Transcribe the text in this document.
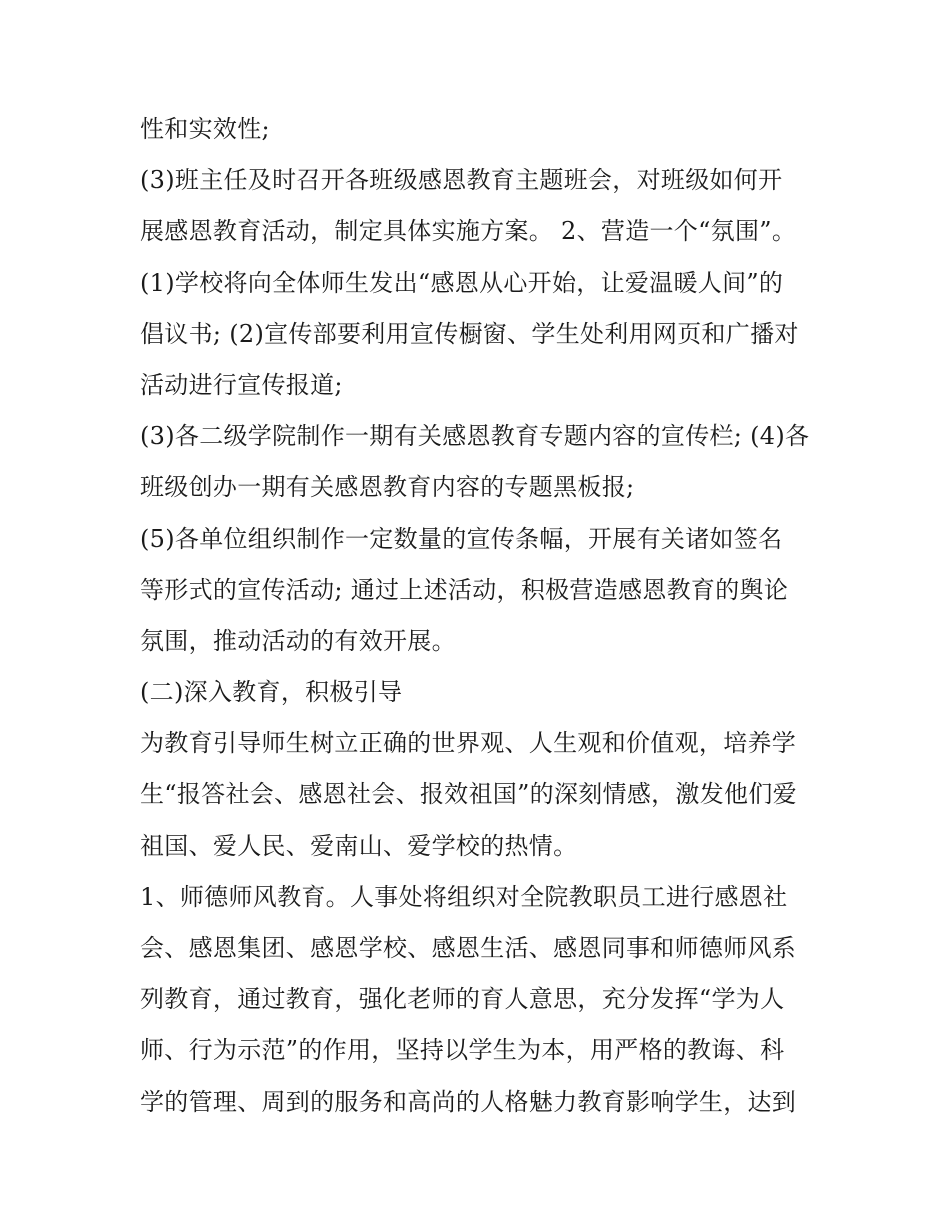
性和实效性;
(3)班主任及时召开各班级感恩教育主题班会，对班级如何开
展感恩教育活动，制定具体实施方案。 2、营造一个“氛围”。
(1)学校将向全体师生发出“感恩从心开始，让爱温暖人间”的
倡议书; (2)宣传部要利用宣传橱窗、学生处利用网页和广播对
活动进行宣传报道;
(3)各二级学院制作一期有关感恩教育专题内容的宣传栏; (4)各
班级创办一期有关感恩教育内容的专题黑板报;
(5)各单位组织制作一定数量的宣传条幅，开展有关诸如签名
等形式的宣传活动; 通过上述活动，积极营造感恩教育的舆论
氛围，推动活动的有效开展。
(二)深入教育，积极引导
为教育引导师生树立正确的世界观、人生观和价值观，培养学
生“报答社会、感恩社会、报效祖国”的深刻情感，激发他们爱
祖国、爱人民、爱南山、爱学校的热情。
1、师德师风教育。人事处将组织对全院教职员工进行感恩社
会、感恩集团、感恩学校、感恩生活、感恩同事和师德师风系
列教育，通过教育，强化老师的育人意思，充分发挥“学为人
师、行为示范”的作用，坚持以学生为本，用严格的教诲、科
学的管理、周到的服务和高尚的人格魅力教育影响学生，达到
